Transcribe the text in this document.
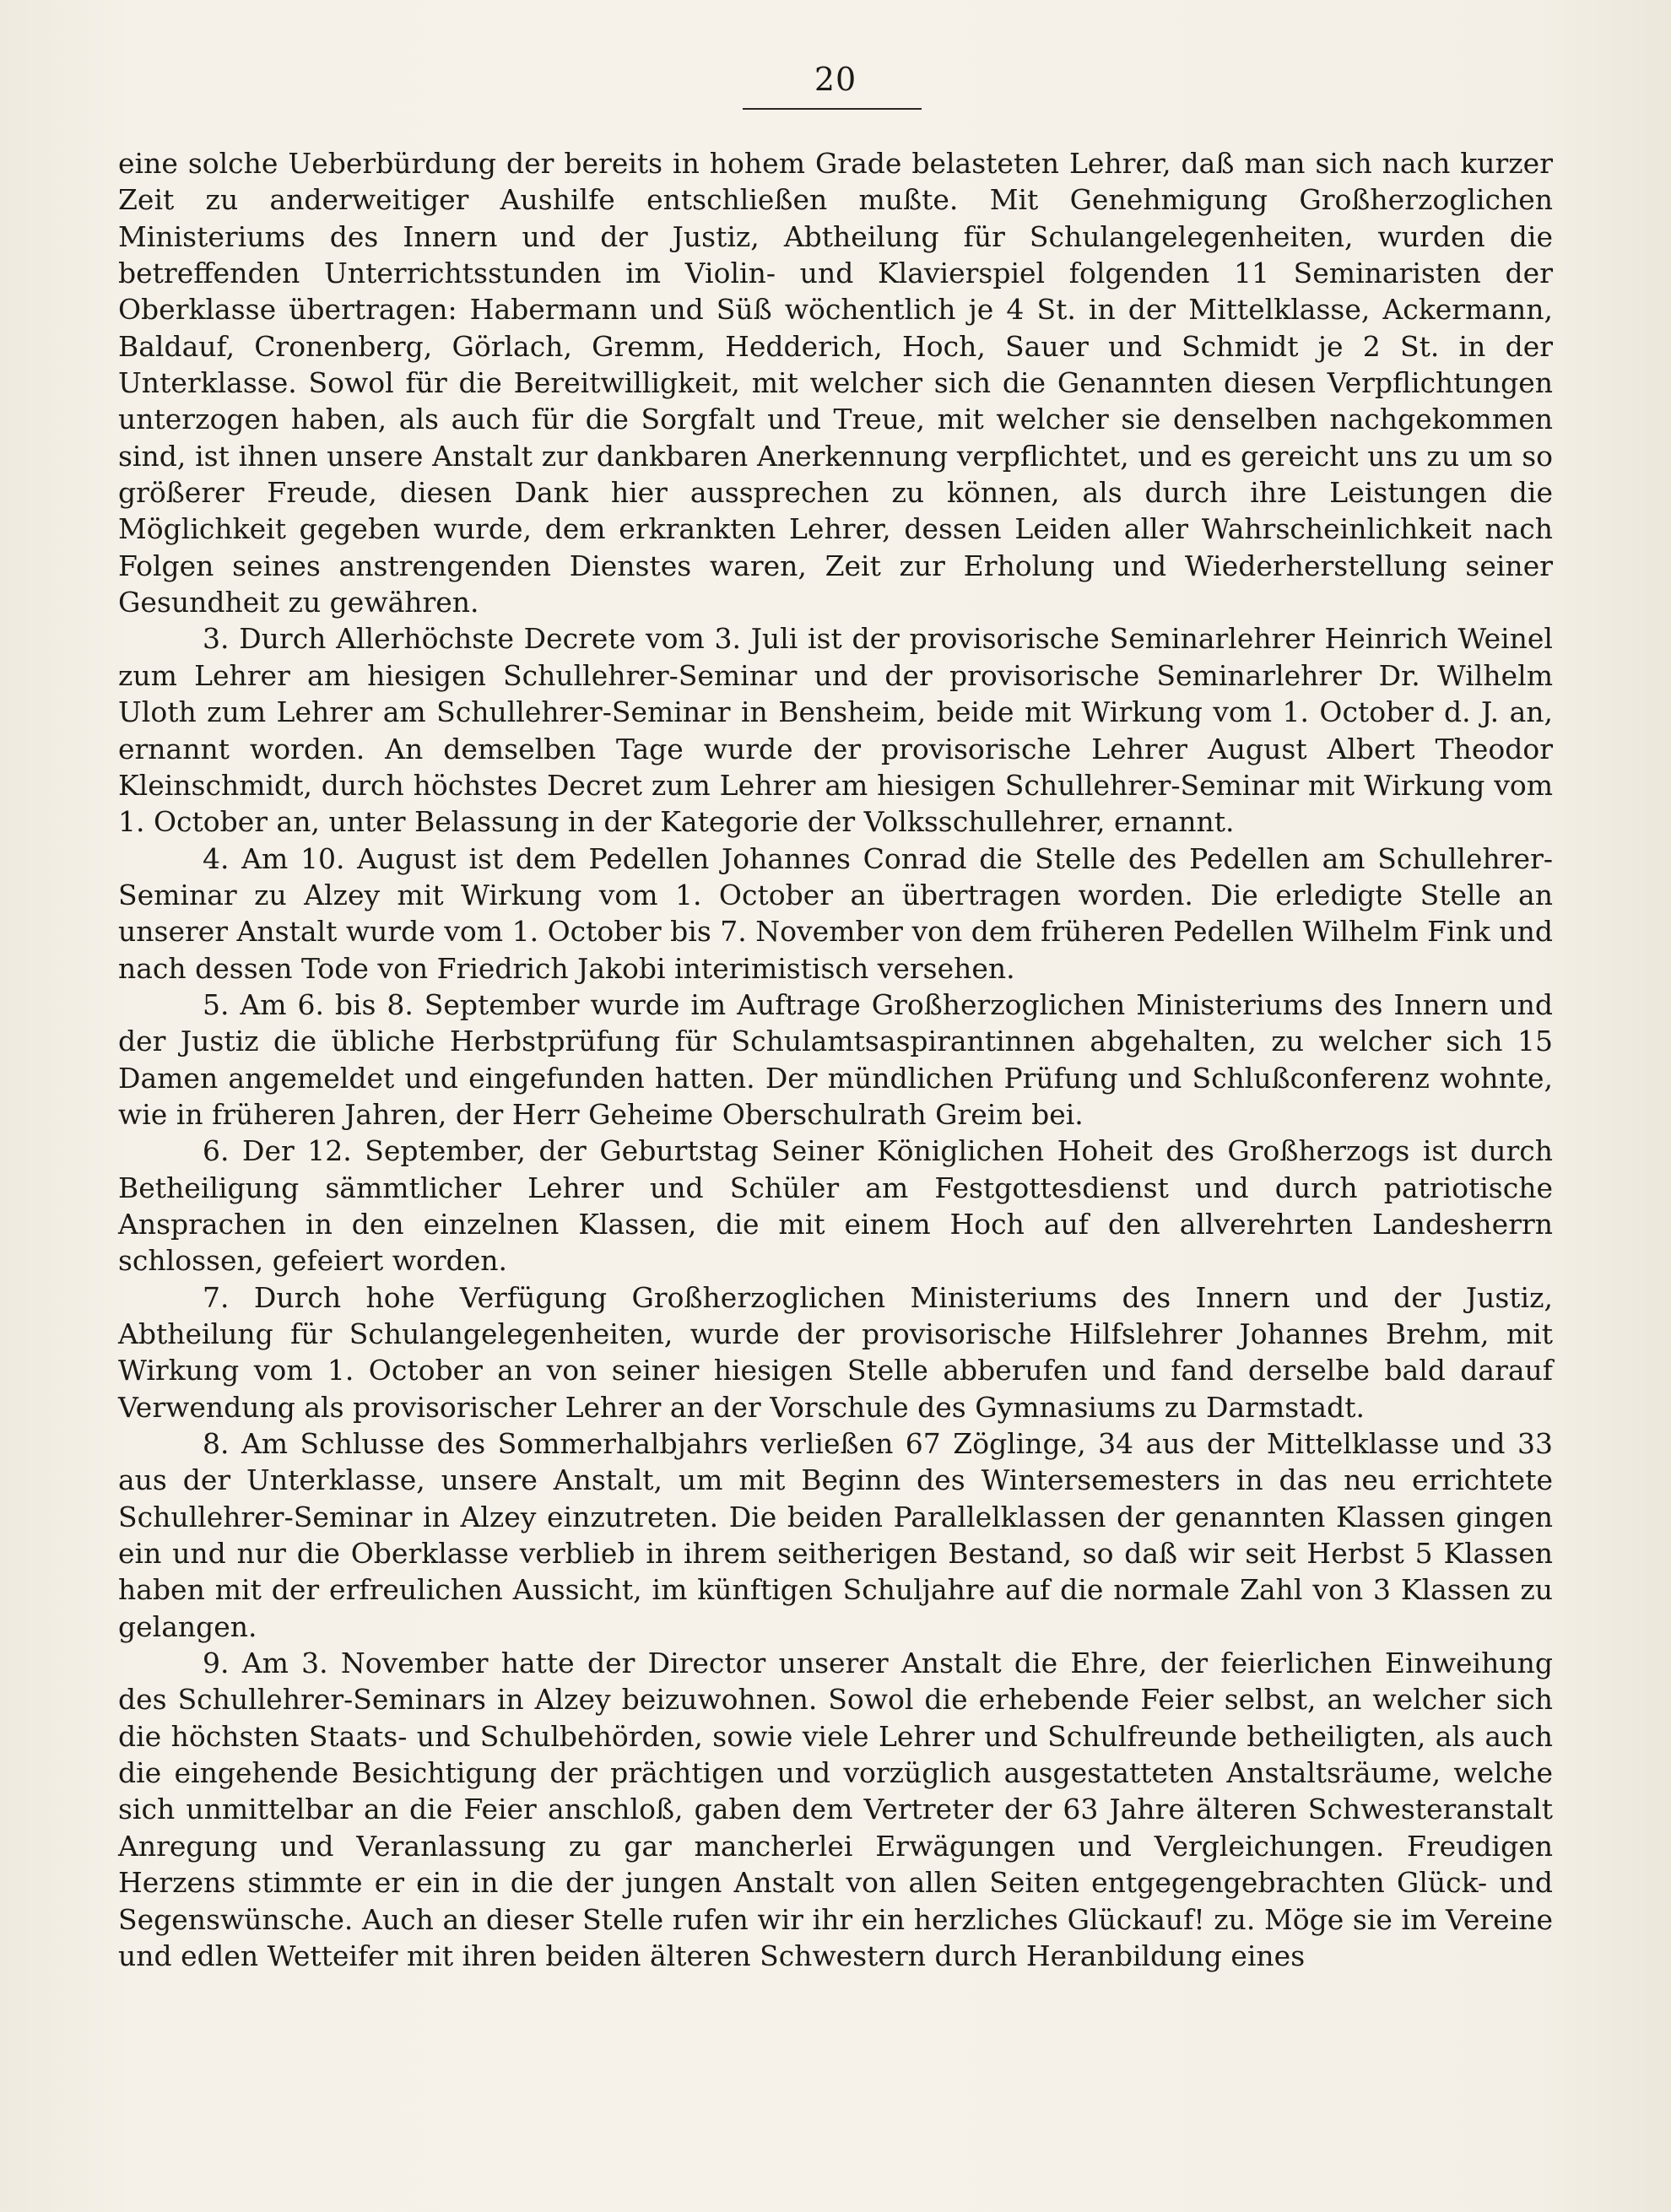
20

eine solche Ueberbürdung der bereits in hohem Grade belasteten Lehrer, daß man sich nach kurzer Zeit zu anderweitiger Aushilfe entschließen mußte. Mit Genehmigung Großherzoglichen Ministeriums des Innern und der Justiz, Abtheilung für Schulangelegenheiten, wurden die betreffenden Unterrichtsstunden im Violin- und Klavierspiel folgenden 11 Seminaristen der Oberklasse übertragen: Habermann und Süß wöchentlich je 4 St. in der Mittelklasse, Ackermann, Baldauf, Cronenberg, Görlach, Gremm, Hedderich, Hoch, Sauer und Schmidt je 2 St. in der Unterklasse. Sowol für die Bereitwilligkeit, mit welcher sich die Genannten diesen Verpflichtungen unterzogen haben, als auch für die Sorgfalt und Treue, mit welcher sie denselben nachgekommen sind, ist ihnen unsere Anstalt zur dankbaren Anerkennung verpflichtet, und es gereicht uns zu um so größerer Freude, diesen Dank hier aussprechen zu können, als durch ihre Leistungen die Möglichkeit gegeben wurde, dem erkrankten Lehrer, dessen Leiden aller Wahrscheinlichkeit nach Folgen seines anstrengenden Dienstes waren, Zeit zur Erholung und Wiederherstellung seiner Gesundheit zu gewähren.

3. Durch Allerhöchste Decrete vom 3. Juli ist der provisorische Seminarlehrer Heinrich Weinel zum Lehrer am hiesigen Schullehrer-Seminar und der provisorische Seminarlehrer Dr. Wilhelm Uloth zum Lehrer am Schullehrer-Seminar in Bensheim, beide mit Wirkung vom 1. October d. J. an, ernannt worden. An demselben Tage wurde der provisorische Lehrer August Albert Theodor Kleinschmidt, durch höchstes Decret zum Lehrer am hiesigen Schullehrer-Seminar mit Wirkung vom 1. October an, unter Belassung in der Kategorie der Volksschullehrer, ernannt.

4. Am 10. August ist dem Pedellen Johannes Conrad die Stelle des Pedellen am Schullehrer-Seminar zu Alzey mit Wirkung vom 1. October an übertragen worden. Die erledigte Stelle an unserer Anstalt wurde vom 1. October bis 7. November von dem früheren Pedellen Wilhelm Fink und nach dessen Tode von Friedrich Jakobi interimistisch versehen.

5. Am 6. bis 8. September wurde im Auftrage Großherzoglichen Ministeriums des Innern und der Justiz die übliche Herbstprüfung für Schulamtsaspirantinnen abgehalten, zu welcher sich 15 Damen angemeldet und eingefunden hatten. Der mündlichen Prüfung und Schlußconferenz wohnte, wie in früheren Jahren, der Herr Geheime Oberschulrath Greim bei.

6. Der 12. September, der Geburtstag Seiner Königlichen Hoheit des Großherzogs ist durch Betheiligung sämmtlicher Lehrer und Schüler am Festgottesdienst und durch patriotische Ansprachen in den einzelnen Klassen, die mit einem Hoch auf den allverehrten Landesherrn schlossen, gefeiert worden.

7. Durch hohe Verfügung Großherzoglichen Ministeriums des Innern und der Justiz, Abtheilung für Schulangelegenheiten, wurde der provisorische Hilfslehrer Johannes Brehm, mit Wirkung vom 1. October an von seiner hiesigen Stelle abberufen und fand derselbe bald darauf Verwendung als provisorischer Lehrer an der Vorschule des Gymnasiums zu Darmstadt.

8. Am Schlusse des Sommerhalbjahrs verließen 67 Zöglinge, 34 aus der Mittelklasse und 33 aus der Unterklasse, unsere Anstalt, um mit Beginn des Wintersemesters in das neu errichtete Schullehrer-Seminar in Alzey einzutreten. Die beiden Parallelklassen der genannten Klassen gingen ein und nur die Oberklasse verblieb in ihrem seitherigen Bestand, so daß wir seit Herbst 5 Klassen haben mit der erfreulichen Aussicht, im künftigen Schuljahre auf die normale Zahl von 3 Klassen zu gelangen.

9. Am 3. November hatte der Director unserer Anstalt die Ehre, der feierlichen Einweihung des Schullehrer-Seminars in Alzey beizuwohnen. Sowol die erhebende Feier selbst, an welcher sich die höchsten Staats- und Schulbehörden, sowie viele Lehrer und Schulfreunde betheiligten, als auch die eingehende Besichtigung der prächtigen und vorzüglich ausgestatteten Anstaltsräume, welche sich unmittelbar an die Feier anschloß, gaben dem Vertreter der 63 Jahre älteren Schwesteranstalt Anregung und Veranlassung zu gar mancherlei Erwägungen und Vergleichungen. Freudigen Herzens stimmte er ein in die der jungen Anstalt von allen Seiten entgegengebrachten Glück- und Segenswünsche. Auch an dieser Stelle rufen wir ihr ein herzliches Glückauf! zu. Möge sie im Vereine und edlen Wetteifer mit ihren beiden älteren Schwestern durch Heranbildung eines
